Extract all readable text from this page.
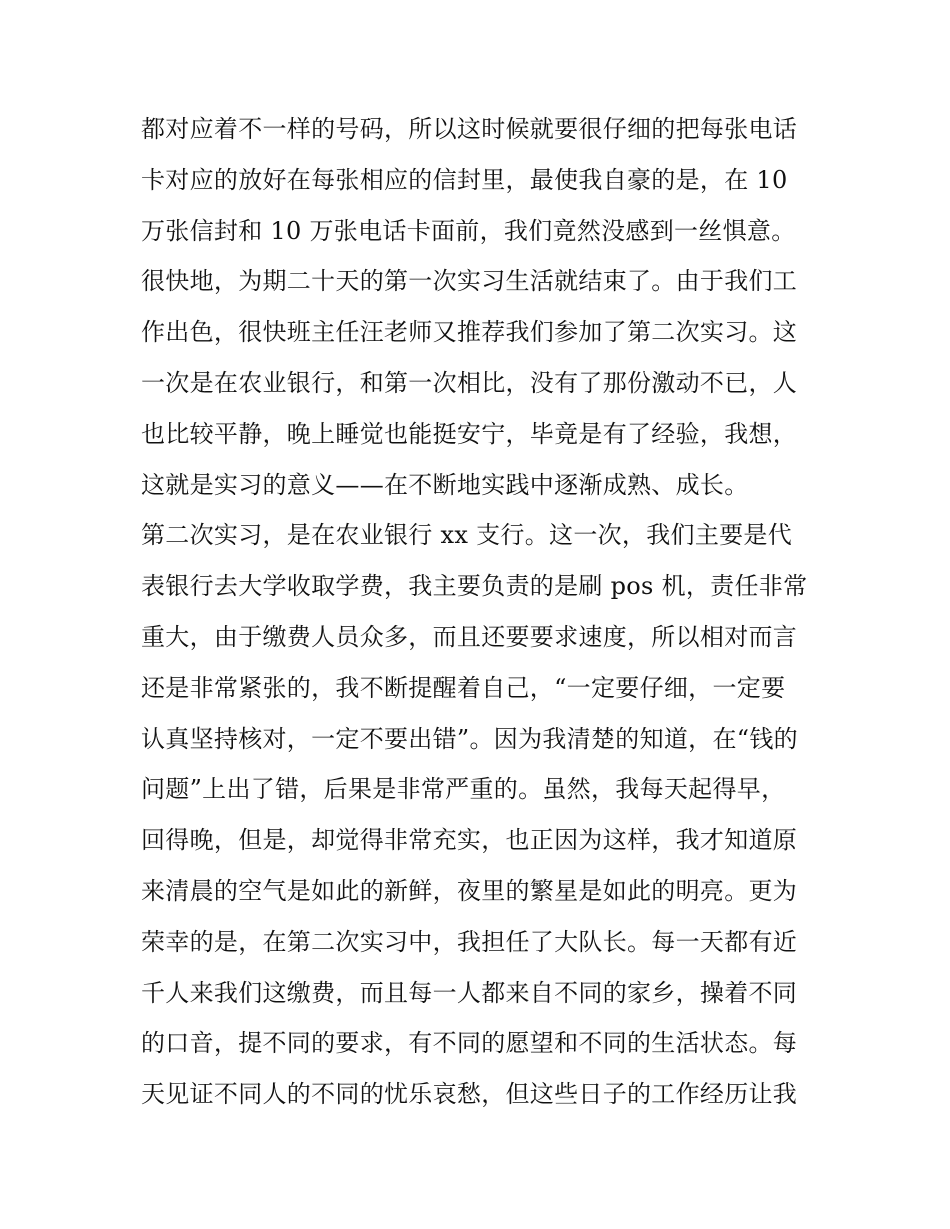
都对应着不一样的号码，所以这时候就要很仔细的把每张电话
卡对应的放好在每张相应的信封里，最使我自豪的是，在 10
万张信封和 10 万张电话卡面前，我们竟然没感到一丝惧意。
很快地，为期二十天的第一次实习生活就结束了。由于我们工
作出色，很快班主任汪老师又推荐我们参加了第二次实习。这
一次是在农业银行，和第一次相比，没有了那份激动不已，人
也比较平静，晚上睡觉也能挺安宁，毕竟是有了经验，我想，
这就是实习的意义——在不断地实践中逐渐成熟、成长。
第二次实习，是在农业银行 xx 支行。这一次，我们主要是代
表银行去大学收取学费，我主要负责的是刷 pos 机，责任非常
重大，由于缴费人员众多，而且还要要求速度，所以相对而言
还是非常紧张的，我不断提醒着自己，“一定要仔细，一定要
认真坚持核对，一定不要出错”。因为我清楚的知道，在“钱的
问题”上出了错，后果是非常严重的。虽然，我每天起得早，
回得晚，但是，却觉得非常充实，也正因为这样，我才知道原
来清晨的空气是如此的新鲜，夜里的繁星是如此的明亮。更为
荣幸的是，在第二次实习中，我担任了大队长。每一天都有近
千人来我们这缴费，而且每一人都来自不同的家乡，操着不同
的口音，提不同的要求，有不同的愿望和不同的生活状态。每
天见证不同人的不同的忧乐哀愁，但这些日子的工作经历让我
